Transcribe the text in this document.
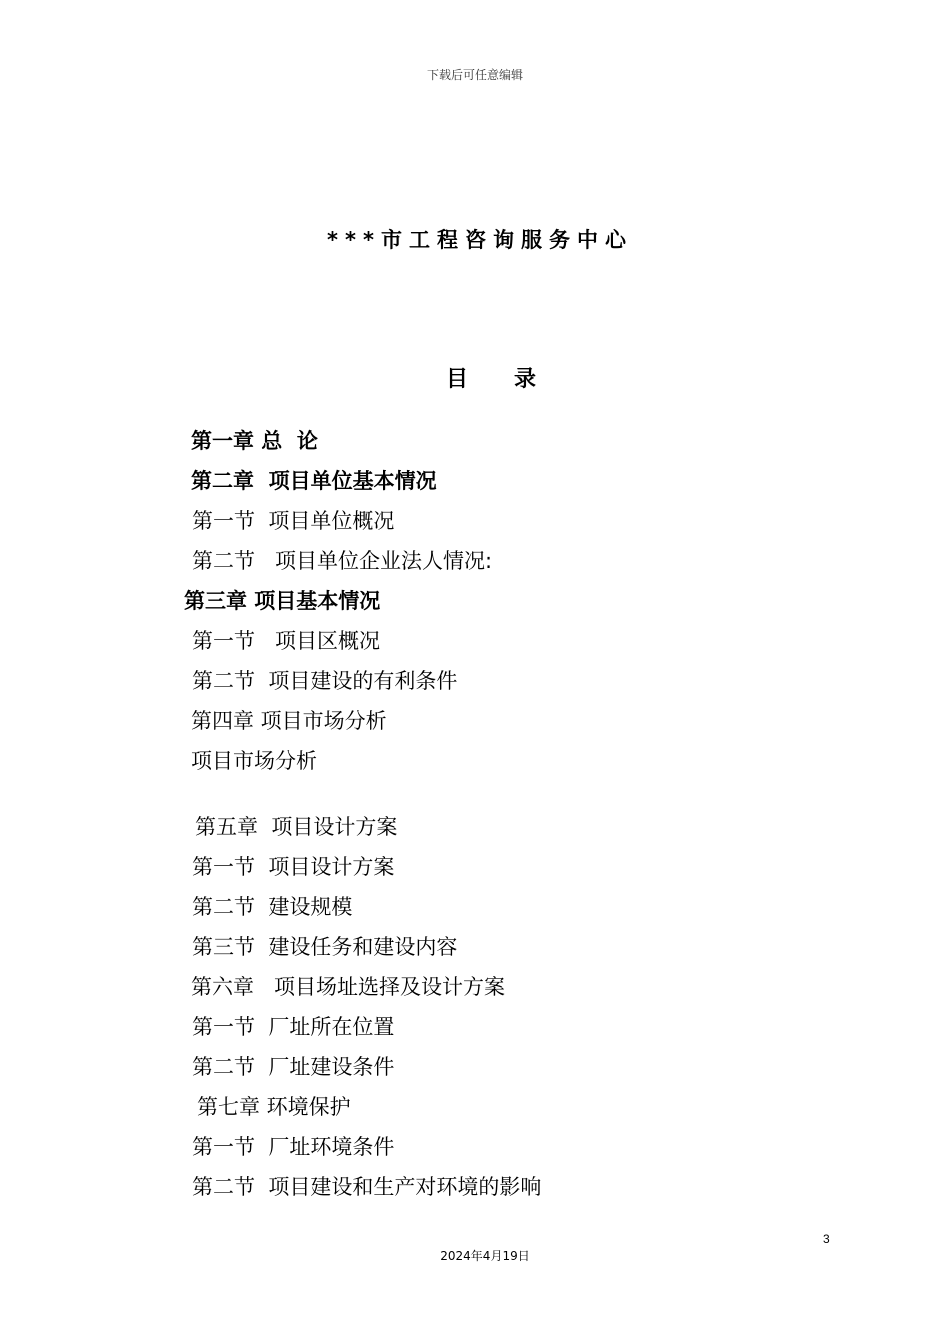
下载后可任意编辑
***市工程咨询服务中心
目      录
第一章 总  论
第二章  项目单位基本情况
第一节  项目单位概况
第二节   项目单位企业法人情况:
第三章 项目基本情况
第一节   项目区概况
第二节  项目建设的有利条件
第四章 项目市场分析
项目市场分析
第五章  项目设计方案
第一节  项目设计方案
第二节  建设规模
第三节  建设任务和建设内容
第六章   项目场址选择及设计方案
第一节  厂址所在位置
第二节  厂址建设条件
第七章 环境保护
第一节  厂址环境条件
第二节  项目建设和生产对环境的影响
3
2024年4月19日
